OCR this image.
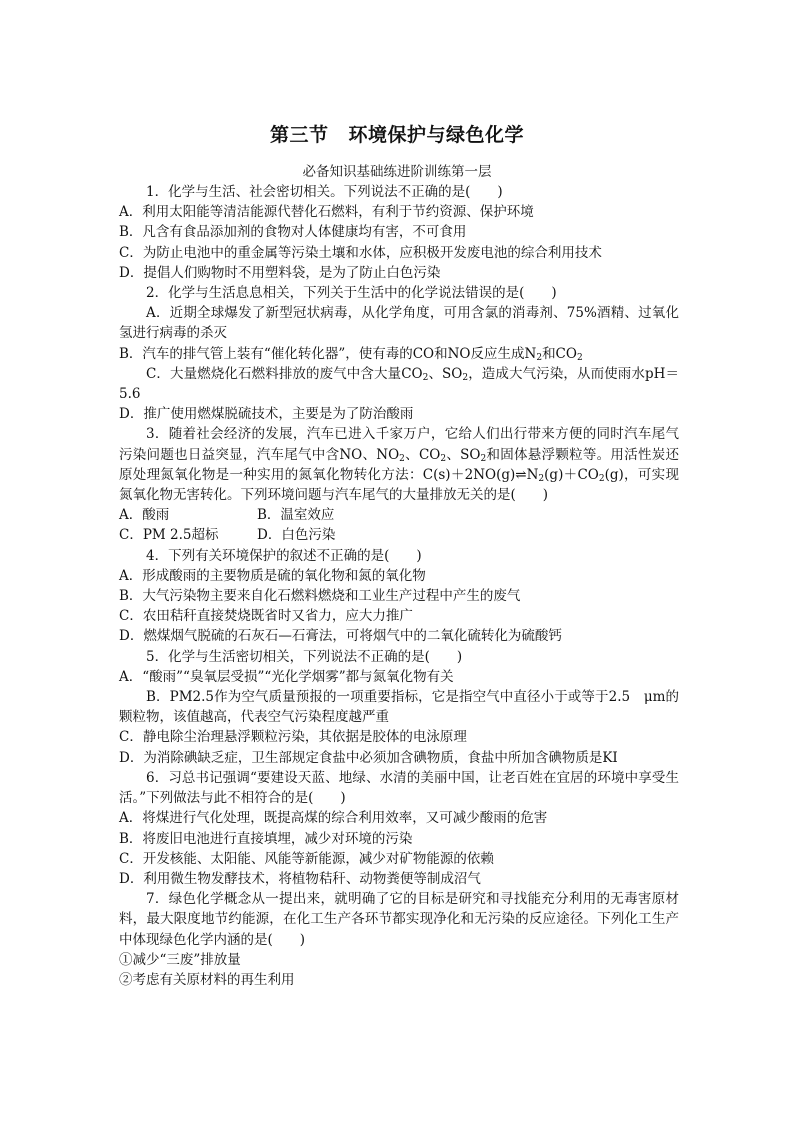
第三节 环境保护与绿色化学
必备知识基础练进阶训练第一层

1．化学与生活、社会密切相关。下列说法不正确的是(　　)

A．利用太阳能等清洁能源代替化石燃料，有利于节约资源、保护环境

B．凡含有食品添加剂的食物对人体健康均有害，不可食用

C．为防止电池中的重金属等污染土壤和水体，应积极开发废电池的综合利用技术

D．提倡人们购物时不用塑料袋，是为了防止白色污染

2．化学与生活息息相关，下列关于生活中的化学说法错误的是(　　)

A．近期全球爆发了新型冠状病毒，从化学角度，可用含氯的消毒剂、75%酒精、过氧化氢进行病毒的杀灭

B．汽车的排气管上装有“催化转化器”，使有毒的CO和NO反应生成$N_2$和$CO_2$

C．大量燃烧化石燃料排放的废气中含大量$CO_2$、$SO_2$，造成大气污染，从而使雨水pH＝5.6

D．推广使用燃煤脱硫技术，主要是为了防治酸雨

3．随着社会经济的发展，汽车已进入千家万户，它给人们出行带来方便的同时汽车尾气污染问题也日益突显，汽车尾气中含NO、$NO_2$、$CO_2$、$SO_2$和固体悬浮颗粒等。用活性炭还原处理氮氧化物是一种实用的氮氧化物转化方法：$C(s)+2NO(g)\rightleftharpoons N_2(g)+CO_2(g)$，可实现氮氧化物无害转化。下列环境问题与汽车尾气的大量排放无关的是(　　)

A．酸雨	B．温室效应

C．PM 2.5超标	D．白色污染

4．下列有关环境保护的叙述不正确的是(　　)

A．形成酸雨的主要物质是硫的氧化物和氮的氧化物

B．大气污染物主要来自化石燃料燃烧和工业生产过程中产生的废气

C．农田秸秆直接焚烧既省时又省力，应大力推广

D．燃煤烟气脱硫的石灰石—石膏法，可将烟气中的二氧化硫转化为硫酸钙

5．化学与生活密切相关，下列说法不正确的是(　　)

A．“酸雨”“臭氧层受损”“光化学烟雾”都与氮氧化物有关

B．PM2.5作为空气质量预报的一项重要指标，它是指空气中直径小于或等于2.5　μm的颗粒物，该值越高，代表空气污染程度越严重

C．静电除尘治理悬浮颗粒污染，其依据是胶体的电泳原理

D．为消除碘缺乏症，卫生部规定食盐中必须加含碘物质，食盐中所加含碘物质是KI

6．习总书记强调“要建设天蓝、地绿、水清的美丽中国，让老百姓在宜居的环境中享受生活。”下列做法与此不相符合的是(　　)

A．将煤进行气化处理，既提高煤的综合利用效率，又可减少酸雨的危害

B．将废旧电池进行直接填埋，减少对环境的污染

C．开发核能、太阳能、风能等新能源，减少对矿物能源的依赖

D．利用微生物发酵技术，将植物秸秆、动物粪便等制成沼气

7．绿色化学概念从一提出来，就明确了它的目标是研究和寻找能充分利用的无毒害原材料，最大限度地节约能源，在化工生产各环节都实现净化和无污染的反应途径。下列化工生产中体现绿色化学内涵的是(　　)

①减少“三废”排放量

②考虑有关原材料的再生利用
